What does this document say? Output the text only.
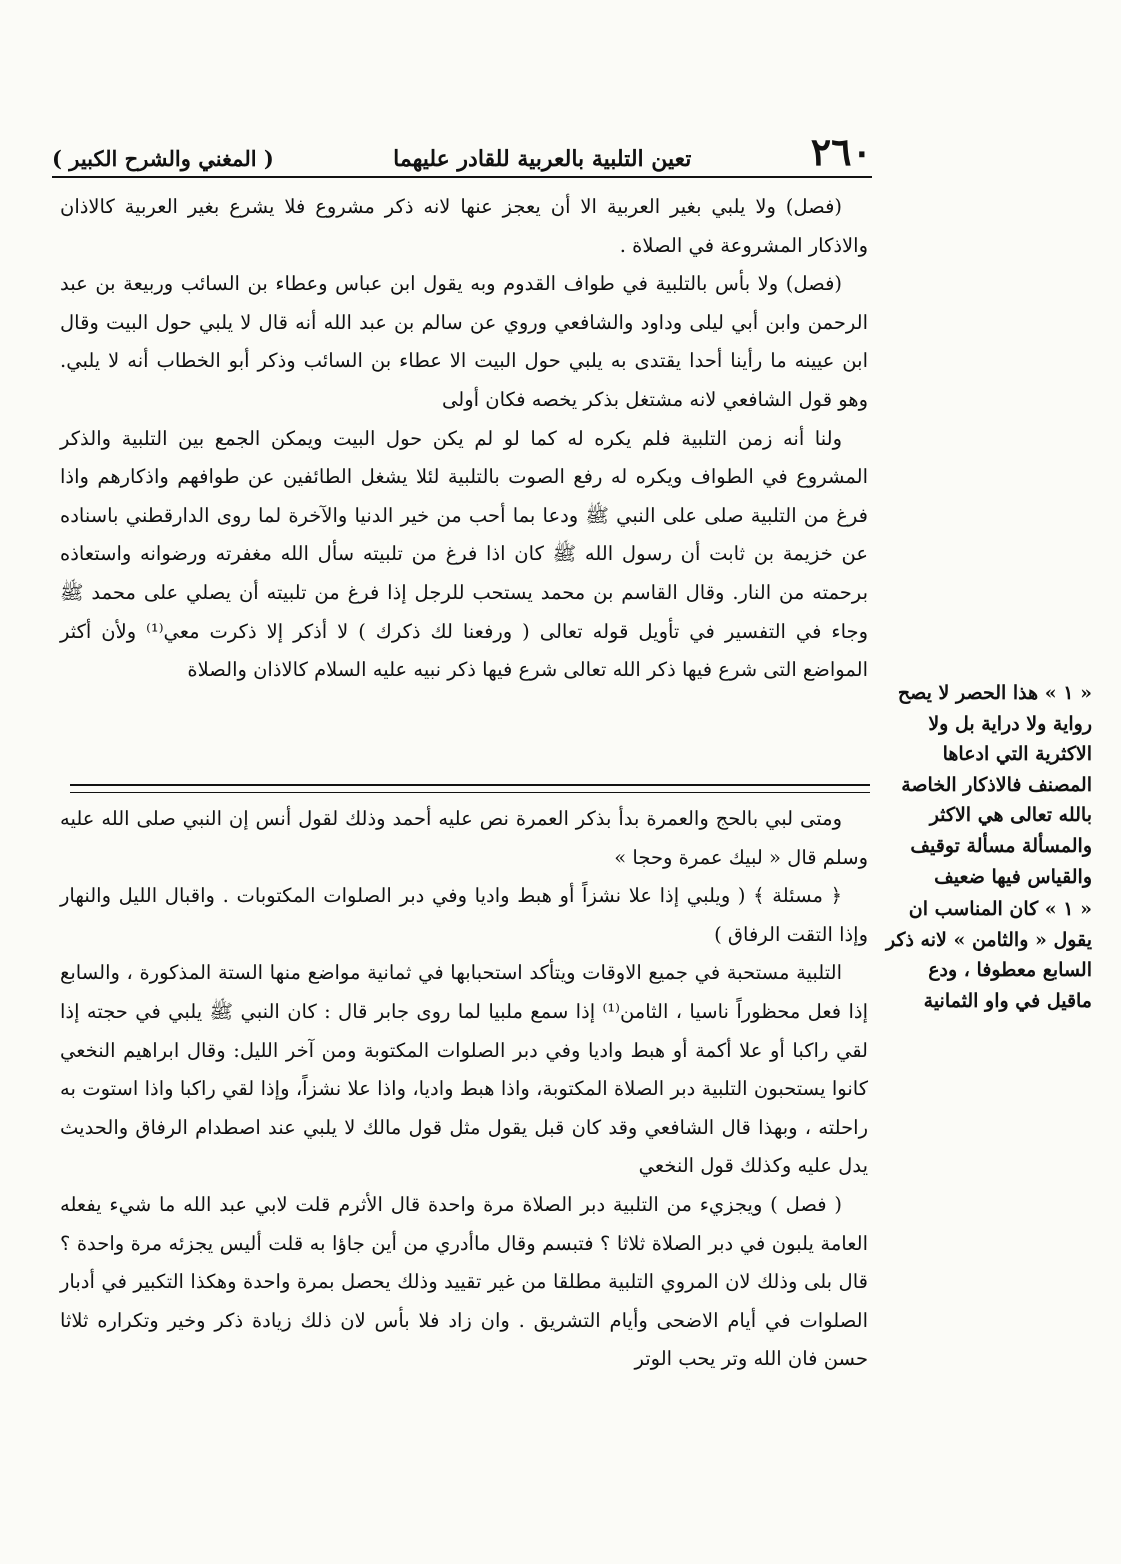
٢٦٠
تعين التلبية بالعربية للقادر عليهما
( المغني والشرح الكبير )

(فصل) ولا يلبي بغير العربية الا أن يعجز عنها لانه ذكر مشروع فلا يشرع بغير العربية كالاذان والاذكار المشروعة في الصلاة .

(فصل) ولا بأس بالتلبية في طواف القدوم وبه يقول ابن عباس وعطاء بن السائب وربيعة بن عبد الرحمن وابن أبي ليلى وداود والشافعي وروي عن سالم بن عبد الله أنه قال لا يلبي حول البيت وقال ابن عيينه ما رأينا أحدا يقتدى به يلبي حول البيت الا عطاء بن السائب وذكر أبو الخطاب أنه لا يلبي. وهو قول الشافعي لانه مشتغل بذكر يخصه فكان أولى

ولنا أنه زمن التلبية فلم يكره له كما لو لم يكن حول البيت ويمكن الجمع بين التلبية والذكر المشروع في الطواف ويكره له رفع الصوت بالتلبية لئلا يشغل الطائفين عن طوافهم واذكارهم واذا فرغ من التلبية صلى على النبي ﷺ ودعا بما أحب من خير الدنيا والآخرة لما روى الدارقطني باسناده عن خزيمة بن ثابت أن رسول الله ﷺ كان اذا فرغ من تلبيته سأل الله مغفرته ورضوانه واستعاذه برحمته من النار. وقال القاسم بن محمد يستحب للرجل إذا فرغ من تلبيته أن يصلي على محمد ﷺ وجاء في التفسير في تأويل قوله تعالى ( ورفعنا لك ذكرك ) لا أذكر إلا ذكرت معي⁽¹⁾ ولأن أكثر المواضع التى شرع فيها ذكر الله تعالى شرع فيها ذكر نبيه عليه السلام كالاذان والصلاة

ومتى لبي بالحج والعمرة بدأ بذكر العمرة نص عليه أحمد وذلك لقول أنس إن النبي صلى الله عليه وسلم قال « لبيك عمرة وحجا »

﴿ مسئلة ﴾ ( ويلبي إذا علا نشزاً أو هبط واديا وفي دبر الصلوات المكتوبات . واقبال الليل والنهار وإذا التقت الرفاق )

التلبية مستحبة في جميع الاوقات ويتأكد استحبابها في ثمانية مواضع منها الستة المذكورة ، والسابع إذا فعل محظوراً ناسيا ، الثامن⁽¹⁾ إذا سمع ملبيا لما روى جابر قال : كان النبي ﷺ يلبي في حجته إذا لقي راكبا أو علا أكمة أو هبط واديا وفي دبر الصلوات المكتوبة ومن آخر الليل: وقال ابراهيم النخعي كانوا يستحبون التلبية دبر الصلاة المكتوبة، واذا هبط واديا، واذا علا نشزاً، وإذا لقي راكبا واذا استوت به راحلته ، وبهذا قال الشافعي وقد كان قبل يقول مثل قول مالك لا يلبي عند اصطدام الرفاق والحديث يدل عليه وكذلك قول النخعي

( فصل ) ويجزيء من التلبية دبر الصلاة مرة واحدة قال الأثرم قلت لابي عبد الله ما شيء يفعله العامة يلبون في دبر الصلاة ثلاثا ؟ فتبسم وقال ماأدري من أين جاؤا به قلت أليس يجزئه مرة واحدة ؟ قال بلى وذلك لان المروي التلبية مطلقا من غير تقييد وذلك يحصل بمرة واحدة وهكذا التكبير في أدبار الصلوات في أيام الاضحى وأيام التشريق . وان زاد فلا بأس لان ذلك زيادة ذكر وخير وتكراره ثلاثا حسن فان الله وتر يحب الوتر

« ١ » هذا الحصر لا يصح رواية ولا دراية بل ولا الاكثرية التي ادعاها المصنف فالاذكار الخاصة بالله تعالى هي الاكثر والمسألة مسألة توقيف والقياس فيها ضعيف

« ١ » كان المناسب ان يقول « والثامن » لانه ذكر السابع معطوفا ، ودع ماقيل في واو الثمانية
